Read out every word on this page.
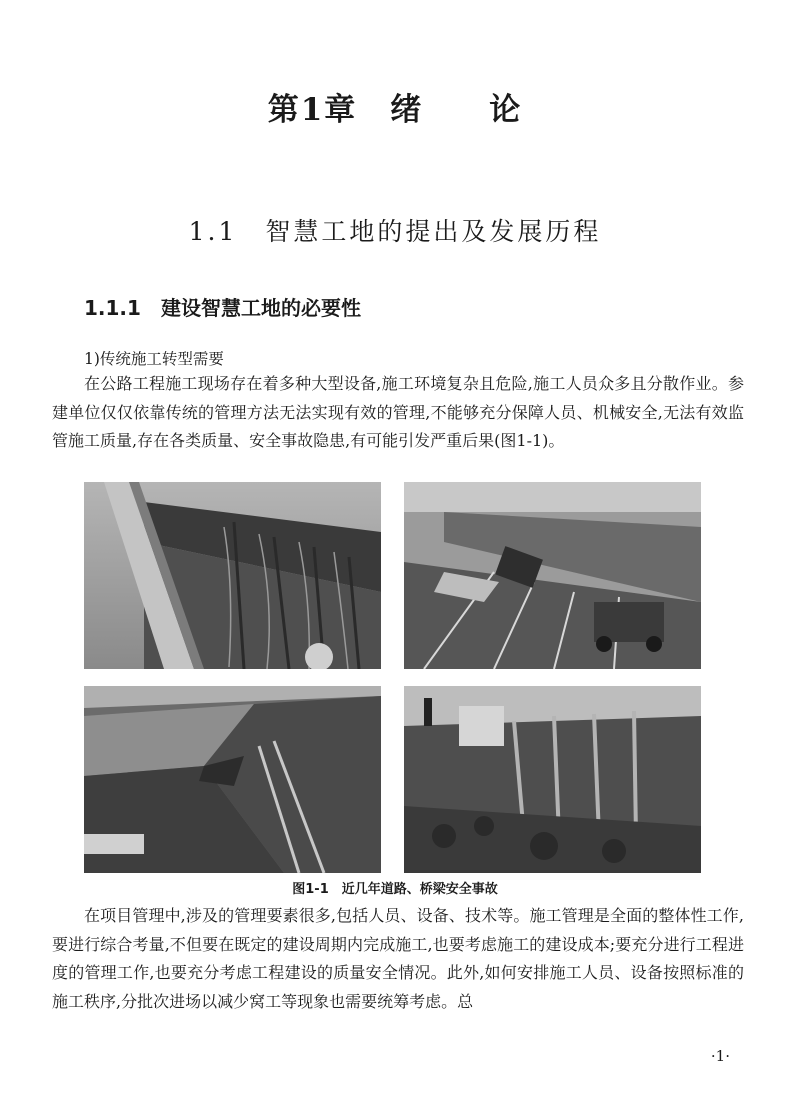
第1章　绪　　论
1.1　智慧工地的提出及发展历程
1.1.1　建设智慧工地的必要性
1)传统施工转型需要

在公路工程施工现场存在着多种大型设备,施工环境复杂且危险,施工人员众多且分散作业。参建单位仅仅依靠传统的管理方法无法实现有效的管理,不能够充分保障人员、机械安全,无法有效监管施工质量,存在各类质量、安全事故隐患,有可能引发严重后果(图1-1)。

图1-1　近几年道路、桥梁安全事故

在项目管理中,涉及的管理要素很多,包括人员、设备、技术等。施工管理是全面的整体性工作,要进行综合考量,不但要在既定的建设周期内完成施工,也要考虑施工的建设成本;要充分进行工程进度的管理工作,也要充分考虑工程建设的质量安全情况。此外,如何安排施工人员、设备按照标准的施工秩序,分批次进场以减少窝工等现象也需要统筹考虑。总

·1·
